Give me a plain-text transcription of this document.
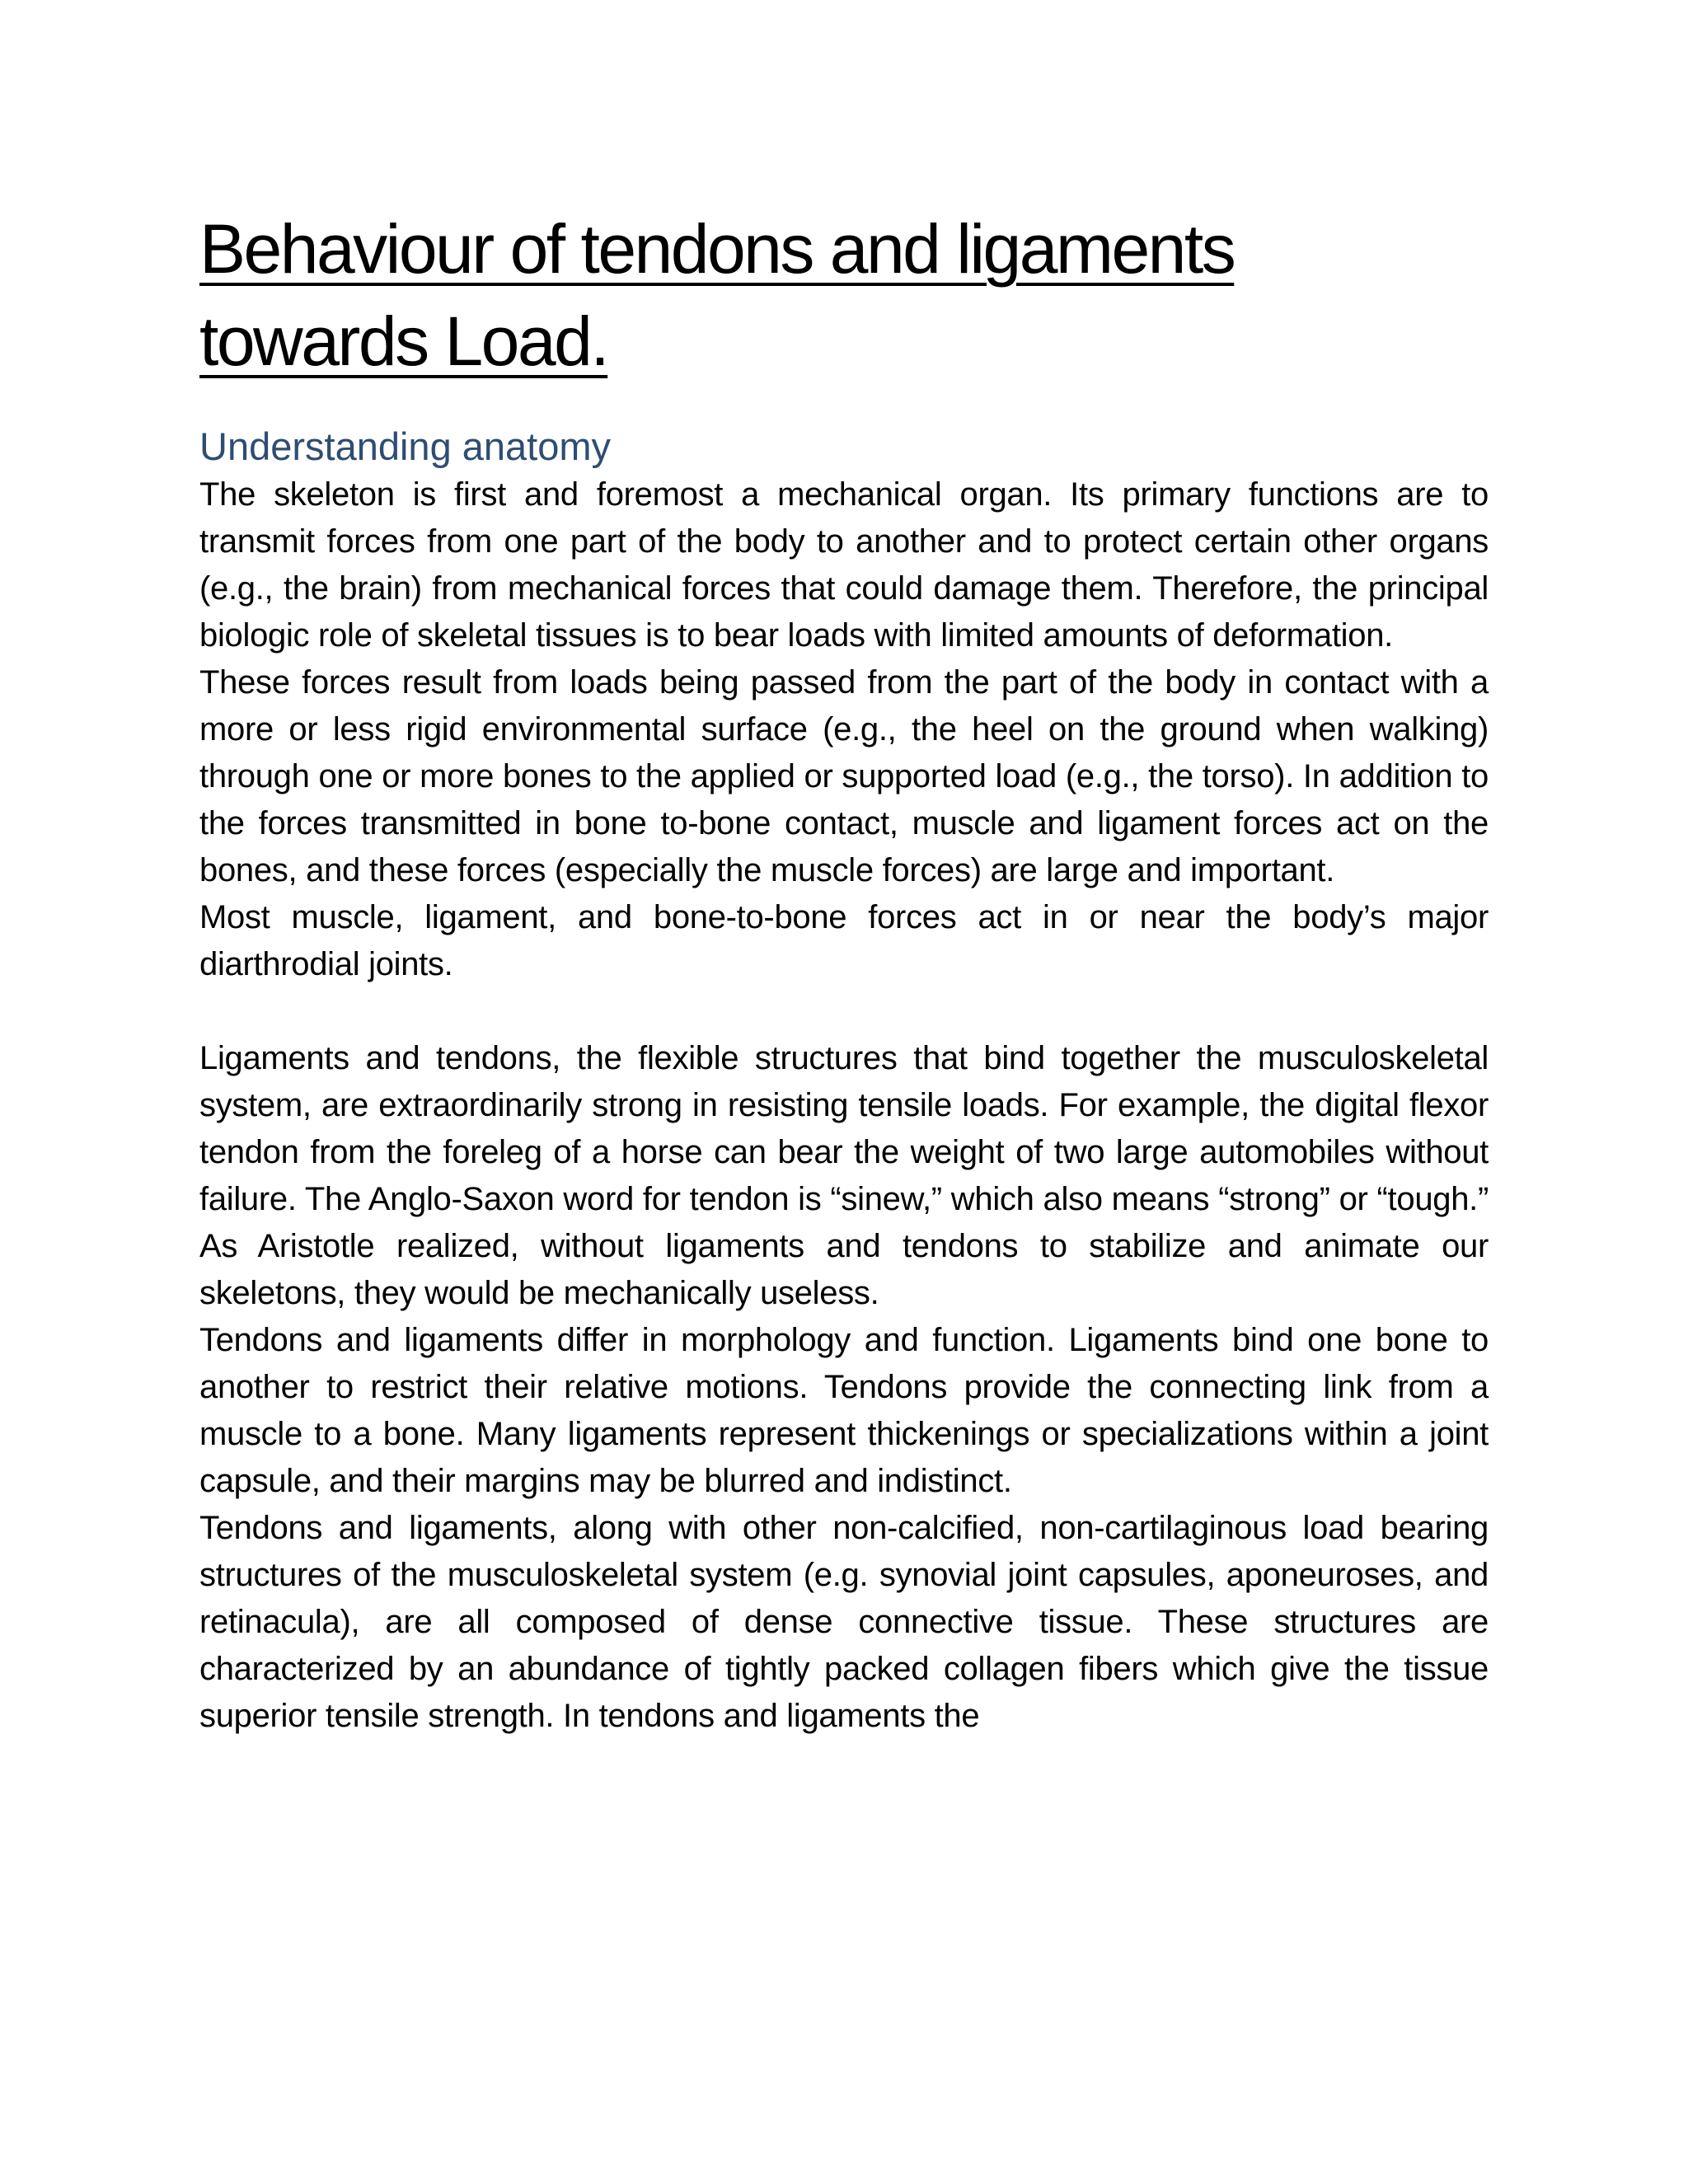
Behaviour of tendons and ligaments
towards Load.
Understanding anatomy

The skeleton is first and foremost a mechanical organ. Its primary functions are to transmit forces from one part of the body to another and to protect certain other organs (e.g., the brain) from mechanical forces that could damage them. Therefore, the principal biologic role of skeletal tissues is to bear loads with limited amounts of deformation.

These forces result from loads being passed from the part of the body in contact with a more or less rigid environmental surface (e.g., the heel on the ground when walking) through one or more bones to the applied or supported load (e.g., the torso). In addition to the forces transmitted in bone to-bone contact, muscle and ligament forces act on the bones, and these forces (especially the muscle forces) are large and important.

Most muscle, ligament, and bone-to-bone forces act in or near the body’s major diarthrodial joints.

Ligaments and tendons, the flexible structures that bind together the musculoskeletal system, are extraordinarily strong in resisting tensile loads. For example, the digital flexor tendon from the foreleg of a horse can bear the weight of two large automobiles without failure. The Anglo-Saxon word for tendon is “sinew,” which also means “strong” or “tough.” As Aristotle realized, without ligaments and tendons to stabilize and animate our skeletons, they would be mechanically useless.

Tendons and ligaments differ in morphology and function. Ligaments bind one bone to another to restrict their relative motions. Tendons provide the connecting link from a muscle to a bone. Many ligaments represent thickenings or specializations within a joint capsule, and their margins may be blurred and indistinct.

Tendons and ligaments, along with other non-calcified, non-cartilaginous load bearing structures of the musculoskeletal system (e.g. synovial joint capsules, aponeuroses, and retinacula), are all composed of dense connective tissue. These structures are characterized by an abundance of tightly packed collagen fibers which give the tissue superior tensile strength. In tendons and ligaments the
